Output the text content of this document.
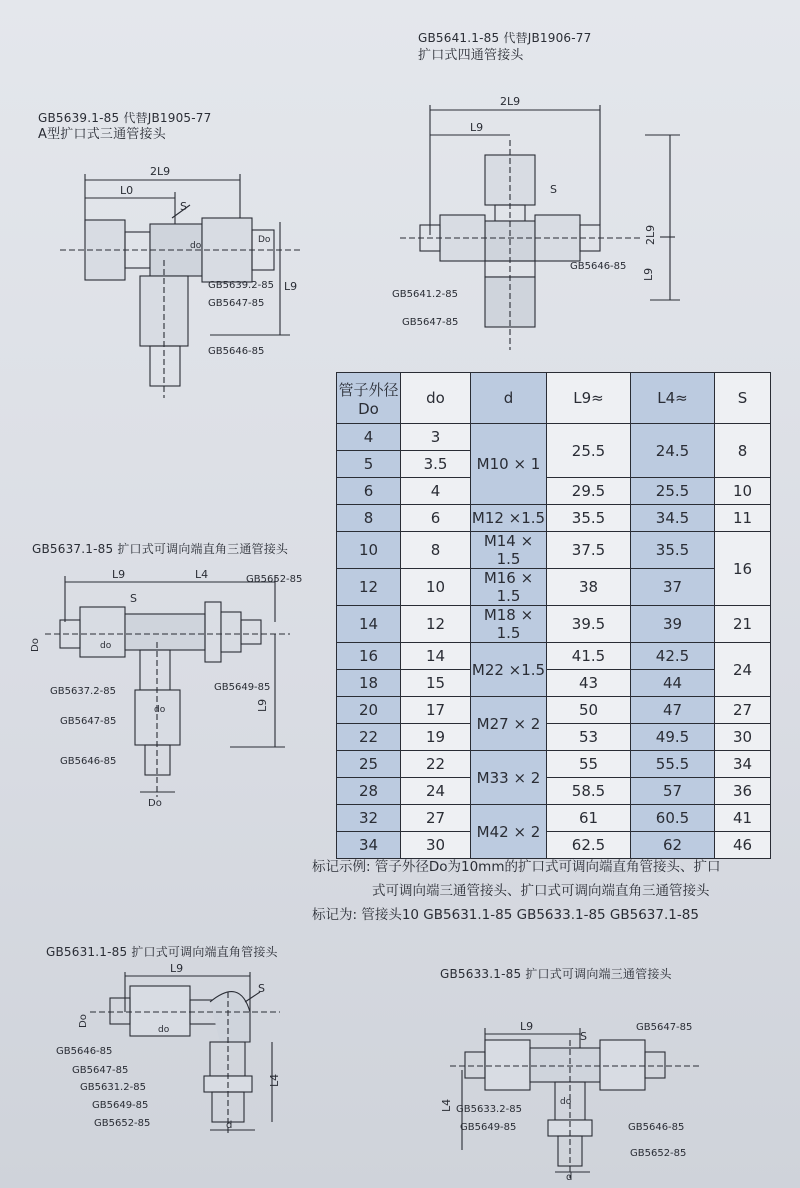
GB5639.1-85 代替JB1905-77
A型扩口式三通管接头
2L9
L0
S
do
Do
L9
GB5639.2-85
GB5647-85
GB5646-85
GB5641.1-85 代替JB1906-77
扩口式四通管接头
2L9
L9
S
2L9
L9
GB5646-85
GB5641.2-85
GB5647-85
GB5637.1-85 扩口式可调向端直角三通管接头
L9	L4
S
Do	do
do	L9
Do
GB5652-85
GB5637.2-85	GB5649-85
GB5647-85
GB5646-85
管子外径
Do	do	d	L9≈	L4≈	S
4	3	M10 × 1	25.5	24.5	8
5	3.5				
6	4		29.5	25.5	10
8	6	M12 ×1.5	35.5	34.5	11
10	8	M14 × 1.5	37.5	35.5	16
12	10	M16 × 1.5	38	37	
14	12	M18 × 1.5	39.5	39	21
16	14	M22 ×1.5	41.5	42.5	24
18	15		43	44	
20	17	M27 × 2	50	47	27
22	19		53	49.5	30
25	22	M33 × 2	55	55.5	34
28	24		58.5	57	36
32	27	M42 × 2	61	60.5	41
34	30		62.5	62	46
标记示例: 管子外径Do为10mm的扩口式可调向端直角管接头、扩口
式可调向端三通管接头、扩口式可调向端直角三通管接头
标记为: 管接头10 GB5631.1-85 GB5633.1-85 GB5637.1-85
GB5631.1-85 扩口式可调向端直角管接头
L9
S
Do
do
L4
d
GB5646-85
GB5647-85
GB5631.2-85
GB5649-85
GB5652-85
GB5633.1-85 扩口式可调向端三通管接头
L9
S
L4	do
d
GB5647-85
GB5633.2-85
GB5649-85	GB5646-85
GB5652-85
